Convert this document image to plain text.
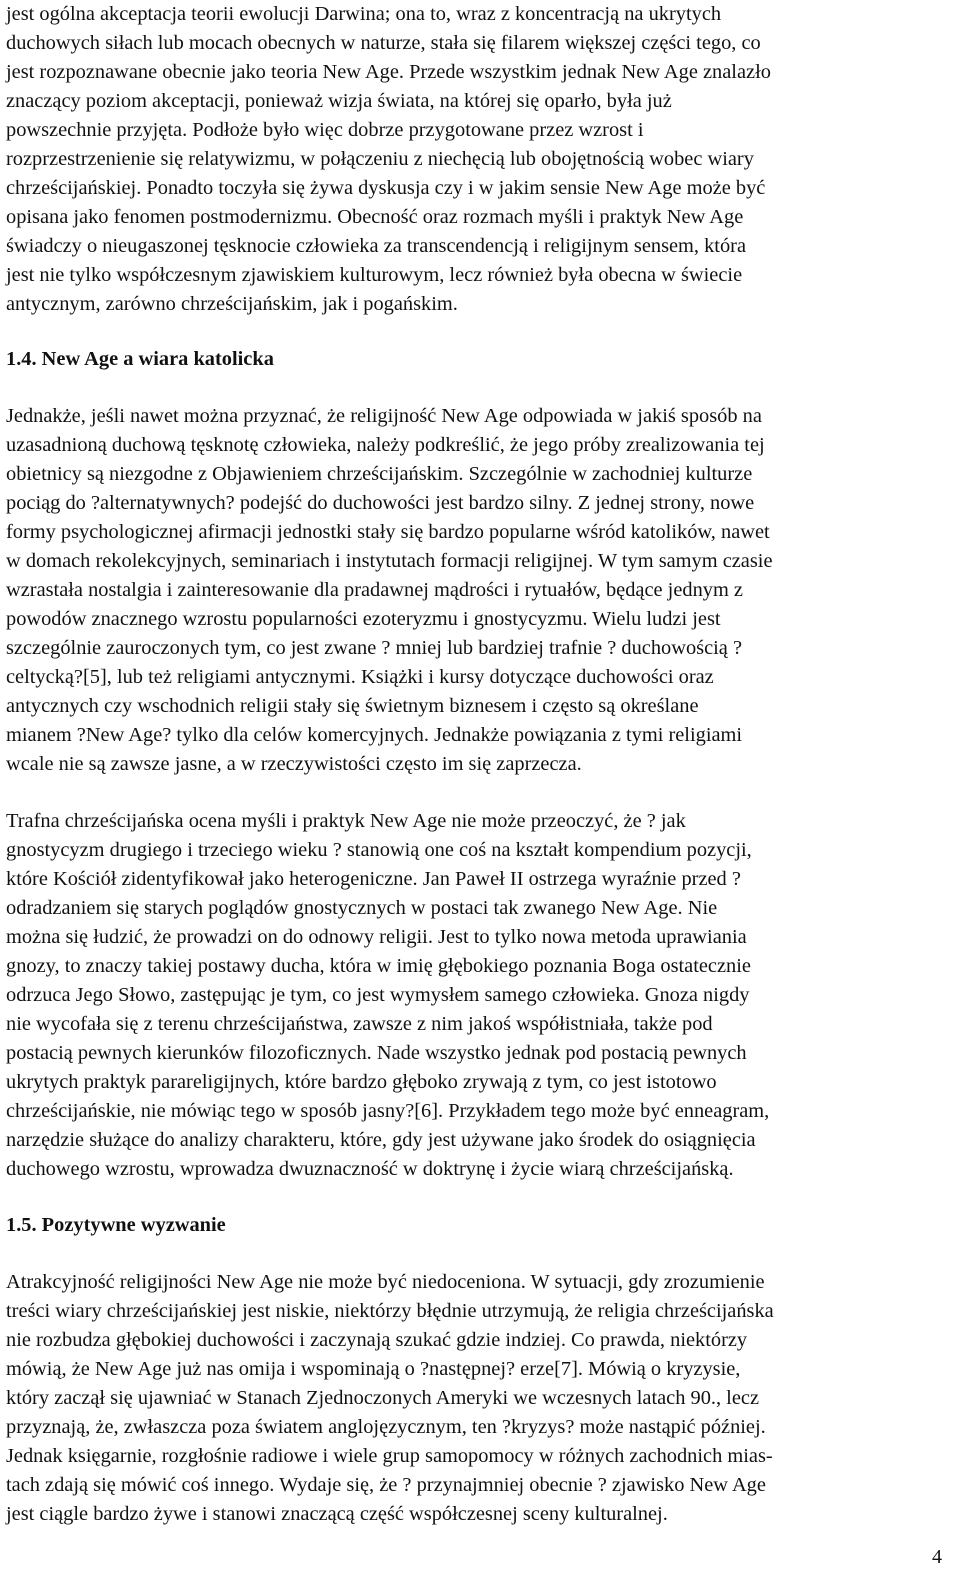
jest ogólna akceptacja teorii ewolucji Darwina; ona to, wraz z koncentracją na ukrytych
duchowych siłach lub mocach obecnych w naturze, stała się filarem większej części tego, co
jest rozpoznawane obecnie jako teoria New Age. Przede wszystkim jednak New Age znalazło
znaczący poziom akceptacji, ponieważ wizja świata, na której się oparło, była już
powszechnie przyjęta. Podłoże było więc dobrze przygotowane przez wzrost i
rozprzestrzenienie się relatywizmu, w połączeniu z niechęcią lub obojętnością wobec wiary
chrześcijańskiej. Ponadto toczyła się żywa dyskusja czy i w jakim sensie New Age może być
opisana jako fenomen postmodernizmu. Obecność oraz rozmach myśli i praktyk New Age
świadczy o nieugaszonej tęsknocie człowieka za transcendencją i religijnym sensem, która
jest nie tylko współczesnym zjawiskiem kulturowym, lecz również była obecna w świecie
antycznym, zarówno chrześcijańskim, jak i pogańskim.
1.4. New Age a wiara katolicka
Jednakże, jeśli nawet można przyznać, że religijność New Age odpowiada w jakiś sposób na
uzasadnioną duchową tęsknotę człowieka, należy podkreślić, że jego próby zrealizowania tej
obietnicy są niezgodne z Objawieniem chrześcijańskim. Szczególnie w zachodniej kulturze
pociąg do ?alternatywnych? podejść do duchowości jest bardzo silny. Z jednej strony, nowe
formy psychologicznej afirmacji jednostki stały się bardzo popularne wśród katolików, nawet
w domach rekolekcyjnych, seminariach i instytutach formacji religijnej. W tym samym czasie
wzrastała nostalgia i zainteresowanie dla pradawnej mądrości i rytuałów, będące jednym z
powodów znacznego wzrostu popularności ezoteryzmu i gnostycyzmu. Wielu ludzi jest
szczególnie zauroczonych tym, co jest zwane ? mniej lub bardziej trafnie ? duchowością ?
celtycką?[5], lub też religiami antycznymi. Książki i kursy dotyczące duchowości oraz
antycznych czy wschodnich religii stały się świetnym biznesem i często są określane
mianem ?New Age? tylko dla celów komercyjnych. Jednakże powiązania z tymi religiami
wcale nie są zawsze jasne, a w rzeczywistości często im się zaprzecza.
Trafna chrześcijańska ocena myśli i praktyk New Age nie może przeoczyć, że ? jak
gnostycyzm drugiego i trzeciego wieku ? stanowią one coś na kształt kompendium pozycji,
które Kościół zidentyfikował jako heterogeniczne. Jan Paweł II ostrzega wyraźnie przed ?
odradzaniem się starych poglądów gnostycznych w postaci tak zwanego New Age. Nie
można się łudzić, że prowadzi on do odnowy religii. Jest to tylko nowa metoda uprawiania
gnozy, to znaczy takiej postawy ducha, która w imię głębokiego poznania Boga ostatecznie
odrzuca Jego Słowo, zastępując je tym, co jest wymysłem samego człowieka. Gnoza nigdy
nie wycofała się z terenu chrześcijaństwa, zawsze z nim jakoś współistniała, także pod
postacią pewnych kierunków filozoficznych. Nade wszystko jednak pod postacią pewnych
ukrytych praktyk parareligijnych, które bardzo głęboko zrywają z tym, co jest istotowo
chrześcijańskie, nie mówiąc tego w sposób jasny?[6]. Przykładem tego może być enneagram,
narzędzie służące do analizy charakteru, które, gdy jest używane jako środek do osiągnięcia
duchowego wzrostu, wprowadza dwuznaczność w doktrynę i życie wiarą chrześcijańską.
1.5. Pozytywne wyzwanie
Atrakcyjność religijności New Age nie może być niedoceniona. W sytuacji, gdy zrozumienie
treści wiary chrześcijańskiej jest niskie, niektórzy błędnie utrzymują, że religia chrześcijańska
nie rozbudza głębokiej duchowości i zaczynają szukać gdzie indziej. Co prawda, niektórzy
mówią, że New Age już nas omija i wspominają o ?następnej? erze[7]. Mówią o kryzysie,
który zaczął się ujawniać w Stanach Zjednoczonych Ameryki we wczesnych latach 90., lecz
przyznają, że, zwłaszcza poza światem anglojęzycznym, ten ?kryzys? może nastąpić później.
Jednak księgarnie, rozgłośnie radiowe i wiele grup samopomocy w różnych zachodnich mias-
tach zdają się mówić coś innego. Wydaje się, że ? przynajmniej obecnie ? zjawisko New Age
jest ciągle bardzo żywe i stanowi znaczącą część współczesnej sceny kulturalnej.
4
